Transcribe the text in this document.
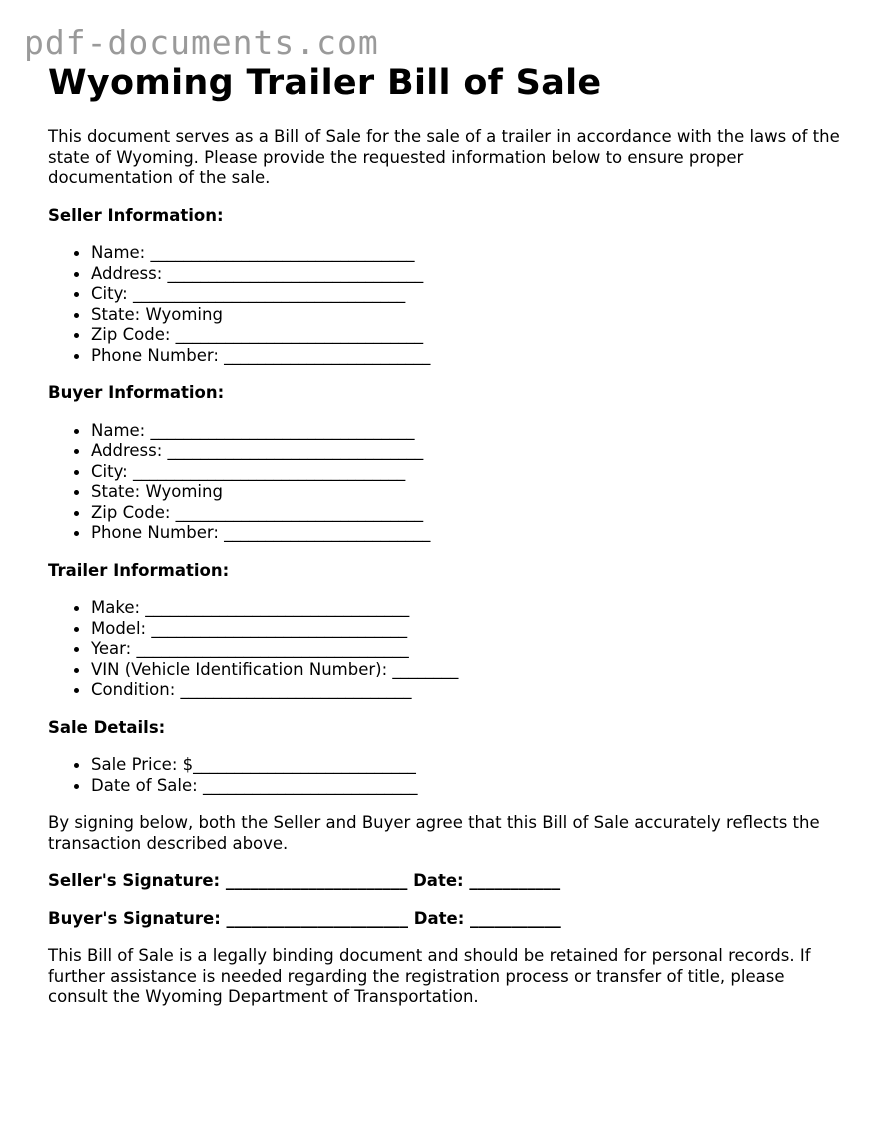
pdf-documents.com
Wyoming Trailer Bill of Sale

This document serves as a Bill of Sale for the sale of a trailer in accordance with the laws of the state of Wyoming. Please provide the requested information below to ensure proper documentation of the sale.

Seller Information:
Name: ________________________________
Address: _______________________________
City: _________________________________
State: Wyoming
Zip Code: ______________________________
Phone Number: _________________________
Buyer Information:
Name: ________________________________
Address: _______________________________
City: _________________________________
State: Wyoming
Zip Code: ______________________________
Phone Number: _________________________
Trailer Information:
Make: ________________________________
Model: _______________________________
Year: _________________________________
VIN (Vehicle Identification Number): ________
Condition: ____________________________
Sale Details:
Sale Price: $___________________________
Date of Sale: __________________________

By signing below, both the Seller and Buyer agree that this Bill of Sale accurately reflects the transaction described above.

Seller's Signature: ______________________ Date: ___________
Buyer's Signature: ______________________ Date: ___________

This Bill of Sale is a legally binding document and should be retained for personal records. If further assistance is needed regarding the registration process or transfer of title, please consult the Wyoming Department of Transportation.
